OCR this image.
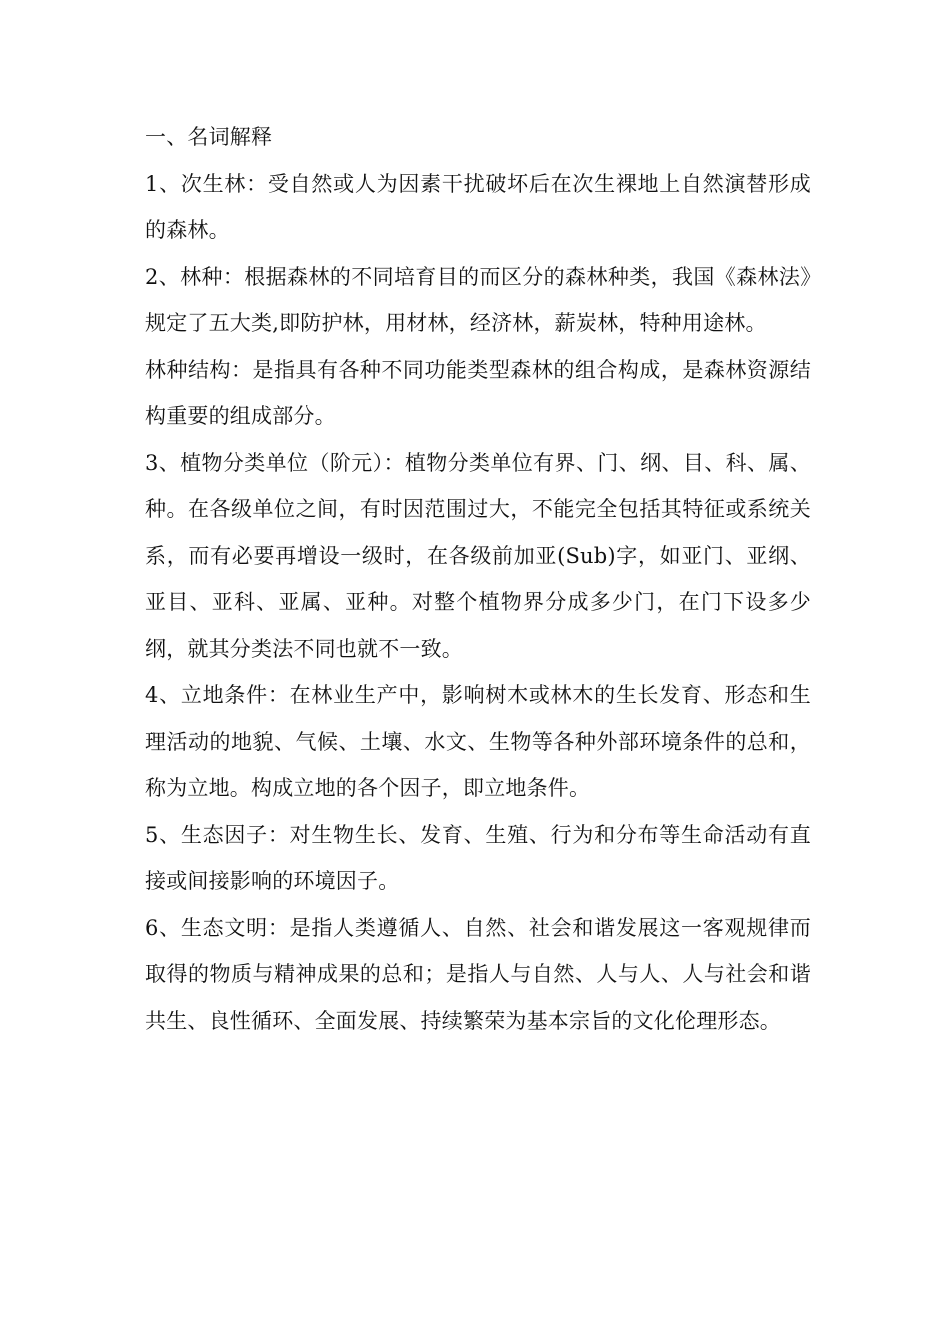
一、名词解释

1、次生林：受自然或人为因素干扰破坏后在次生裸地上自然演替形成的森林。

2、林种：根据森林的不同培育目的而区分的森林种类，我国《森林法》规定了五大类,即防护林，用材林，经济林，薪炭林，特种用途林。

林种结构：是指具有各种不同功能类型森林的组合构成，是森林资源结构重要的组成部分。

3、植物分类单位（阶元）：植物分类单位有界、门、纲、目、科、属、种。在各级单位之间，有时因范围过大，不能完全包括其特征或系统关系，而有必要再增设一级时，在各级前加亚(Sub)字，如亚门、亚纲、亚目、亚科、亚属、亚种。对整个植物界分成多少门，在门下设多少纲，就其分类法不同也就不一致。

4、立地条件：在林业生产中，影响树木或林木的生长发育、形态和生理活动的地貌、气候、土壤、水文、生物等各种外部环境条件的总和，称为立地。构成立地的各个因子，即立地条件。

5、生态因子：对生物生长、发育、生殖、行为和分布等生命活动有直接或间接影响的环境因子。

6、生态文明：是指人类遵循人、自然、社会和谐发展这一客观规律而取得的物质与精神成果的总和；是指人与自然、人与人、人与社会和谐共生、良性循环、全面发展、持续繁荣为基本宗旨的文化伦理形态。
